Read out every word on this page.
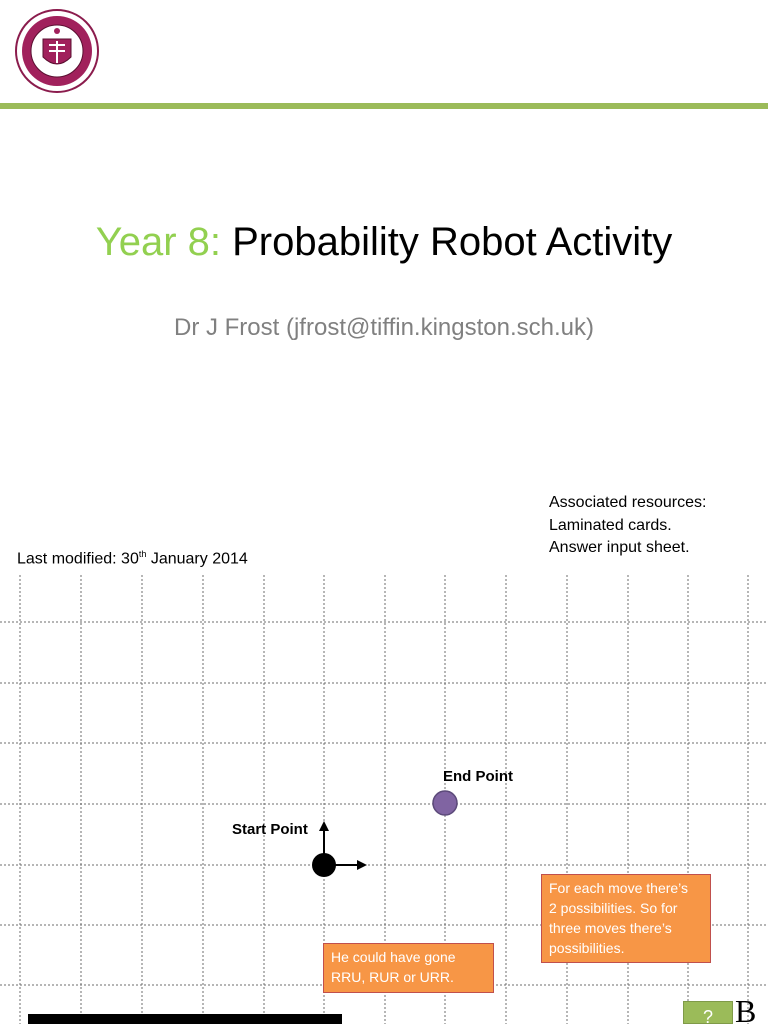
Year 8: Probability Robot Activity
Dr J Frost (jfrost@tiffin.kingston.sch.uk)
Associated resources:
Laminated cards.
Answer input sheet.
Last modified: 30th January 2014
Start Point
End Point
For each move there’s
2 possibilities. So for
three moves there’s
possibilities.
He could have gone
RRU, RUR or URR.
? B
